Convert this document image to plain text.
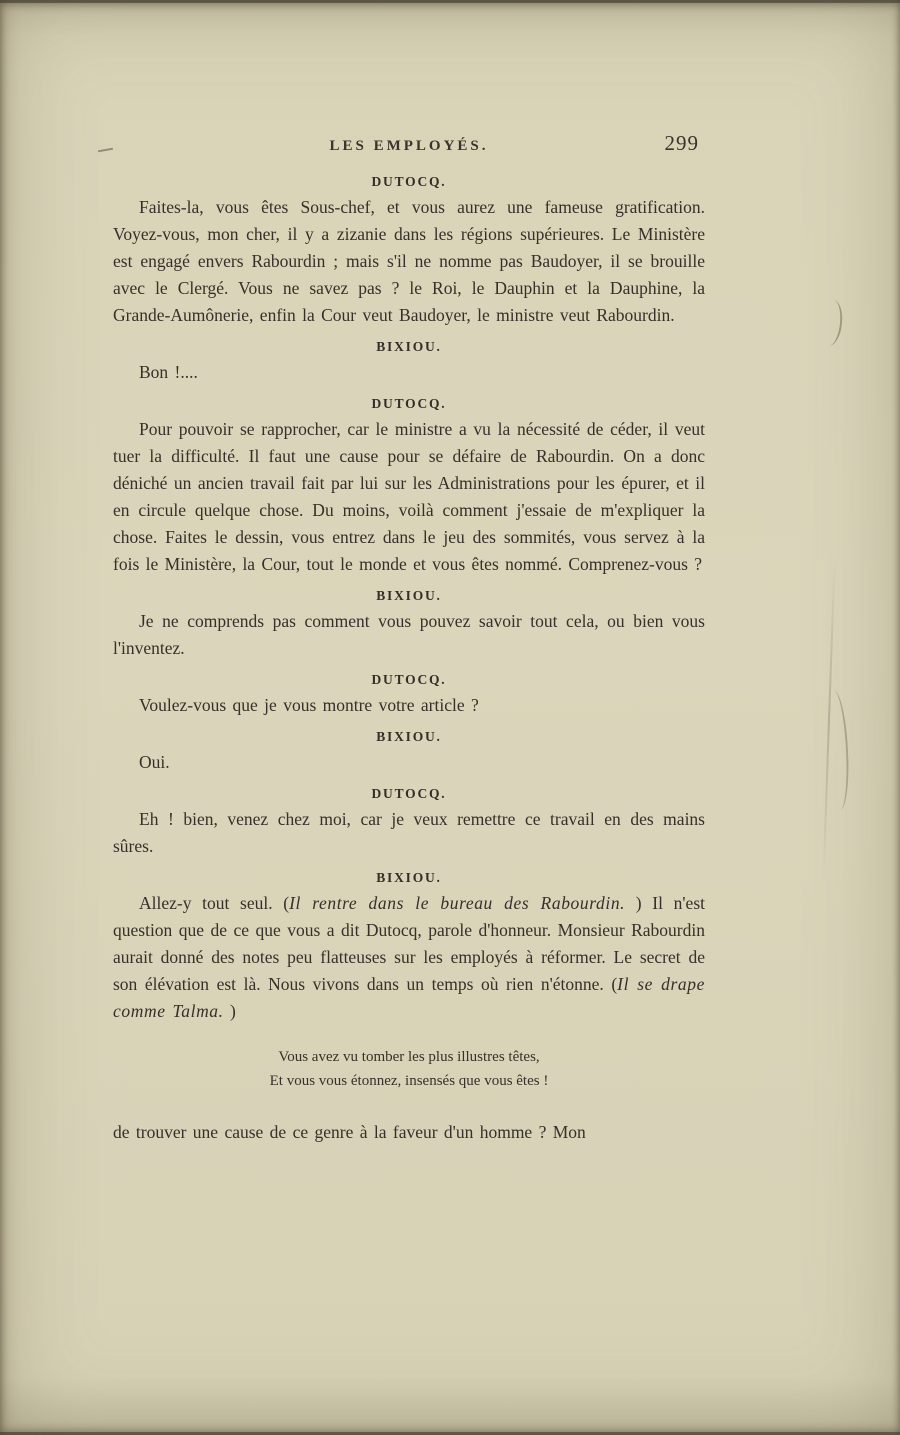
LES EMPLOYÉS.	299
DUTOCQ.

Faites-la, vous êtes Sous-chef, et vous aurez une fameuse gratification. Voyez-vous, mon cher, il y a zizanie dans les régions supérieures. Le Ministère est engagé envers Rabourdin ; mais s'il ne nomme pas Baudoyer, il se brouille avec le Clergé. Vous ne savez pas ? le Roi, le Dauphin et la Dauphine, la Grande-Aumônerie, enfin la Cour veut Baudoyer, le ministre veut Rabourdin.

BIXIOU.

Bon !....

DUTOCQ.

Pour pouvoir se rapprocher, car le ministre a vu la nécessité de céder, il veut tuer la difficulté. Il faut une cause pour se défaire de Rabourdin. On a donc déniché un ancien travail fait par lui sur les Administrations pour les épurer, et il en circule quelque chose. Du moins, voilà comment j'essaie de m'expliquer la chose. Faites le dessin, vous entrez dans le jeu des sommités, vous servez à la fois le Ministère, la Cour, tout le monde et vous êtes nommé. Comprenez-vous ?

BIXIOU.

Je ne comprends pas comment vous pouvez savoir tout cela, ou bien vous l'inventez.

DUTOCQ.

Voulez-vous que je vous montre votre article ?

BIXIOU.

Oui.

DUTOCQ.

Eh ! bien, venez chez moi, car je veux remettre ce travail en des mains sûres.

BIXIOU.

Allez-y tout seul. (Il rentre dans le bureau des Rabourdin. ) Il n'est question que de ce que vous a dit Dutocq, parole d'honneur. Monsieur Rabourdin aurait donné des notes peu flatteuses sur les employés à réformer. Le secret de son élévation est là. Nous vivons dans un temps où rien n'étonne. (Il se drape comme Talma. )

Vous avez vu tomber les plus illustres têtes,
Et vous vous étonnez, insensés que vous êtes !

de trouver une cause de ce genre à la faveur d'un homme ? Mon
